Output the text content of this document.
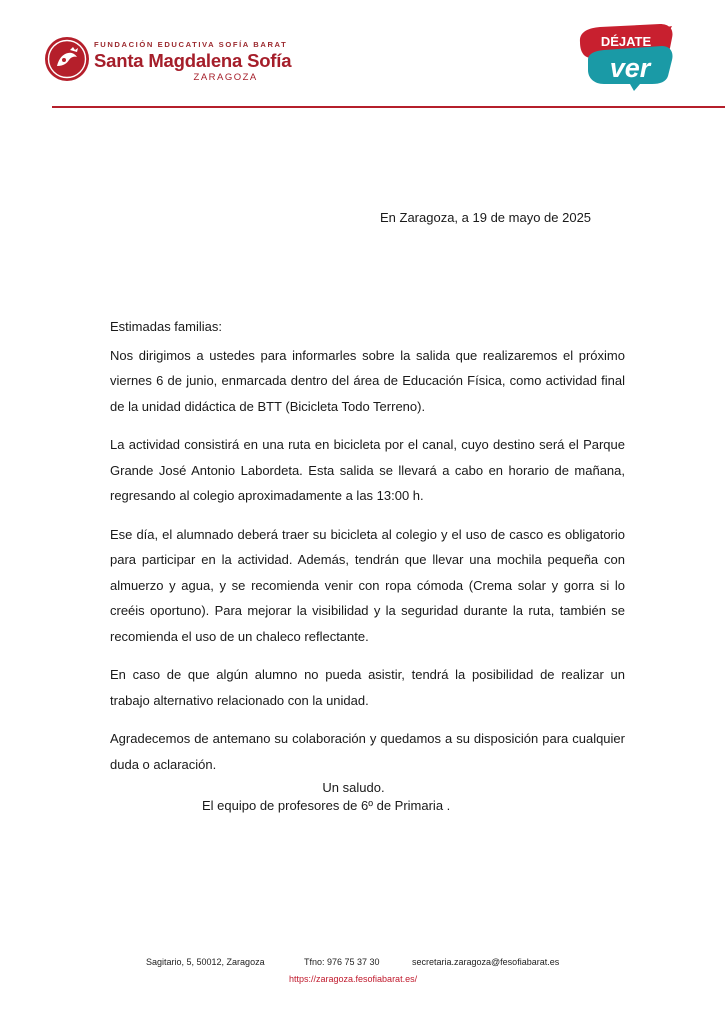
FUNDACIÓN EDUCATIVA SOFÍA BARAT
Santa Magdalena Sofía
ZARAGOZA
DÉJATE
ver
En Zaragoza, a 19 de mayo de 2025

Estimadas familias:

Nos dirigimos a ustedes para informarles sobre la salida que realizaremos el próximo viernes 6 de junio, enmarcada dentro del área de Educación Física, como actividad final de la unidad didáctica de BTT (Bicicleta Todo Terreno).

La actividad consistirá en una ruta en bicicleta por el canal, cuyo destino será el Parque Grande José Antonio Labordeta. Esta salida se llevará a cabo en horario de mañana, regresando al colegio aproximadamente a las 13:00 h.

Ese día, el alumnado deberá traer su bicicleta al colegio y el uso de casco es obligatorio para participar en la actividad. Además, tendrán que llevar una mochila pequeña con almuerzo y agua, y se recomienda venir con ropa cómoda (Crema solar y gorra si lo creéis oportuno). Para mejorar la visibilidad y la seguridad durante la ruta, también se recomienda el uso de un chaleco reflectante.

En caso de que algún alumno no pueda asistir, tendrá la posibilidad de realizar un trabajo alternativo relacionado con la unidad.

Agradecemos de antemano su colaboración y quedamos a su disposición para cualquier duda o aclaración.

Un saludo.
El equipo de profesores de 6º de Primaria .
Sagitario, 5, 50012, Zaragoza	Tfno: 976 75 37 30	secretaria.zaragoza@fesofiabarat.es
https://zaragoza.fesofiabarat.es/
